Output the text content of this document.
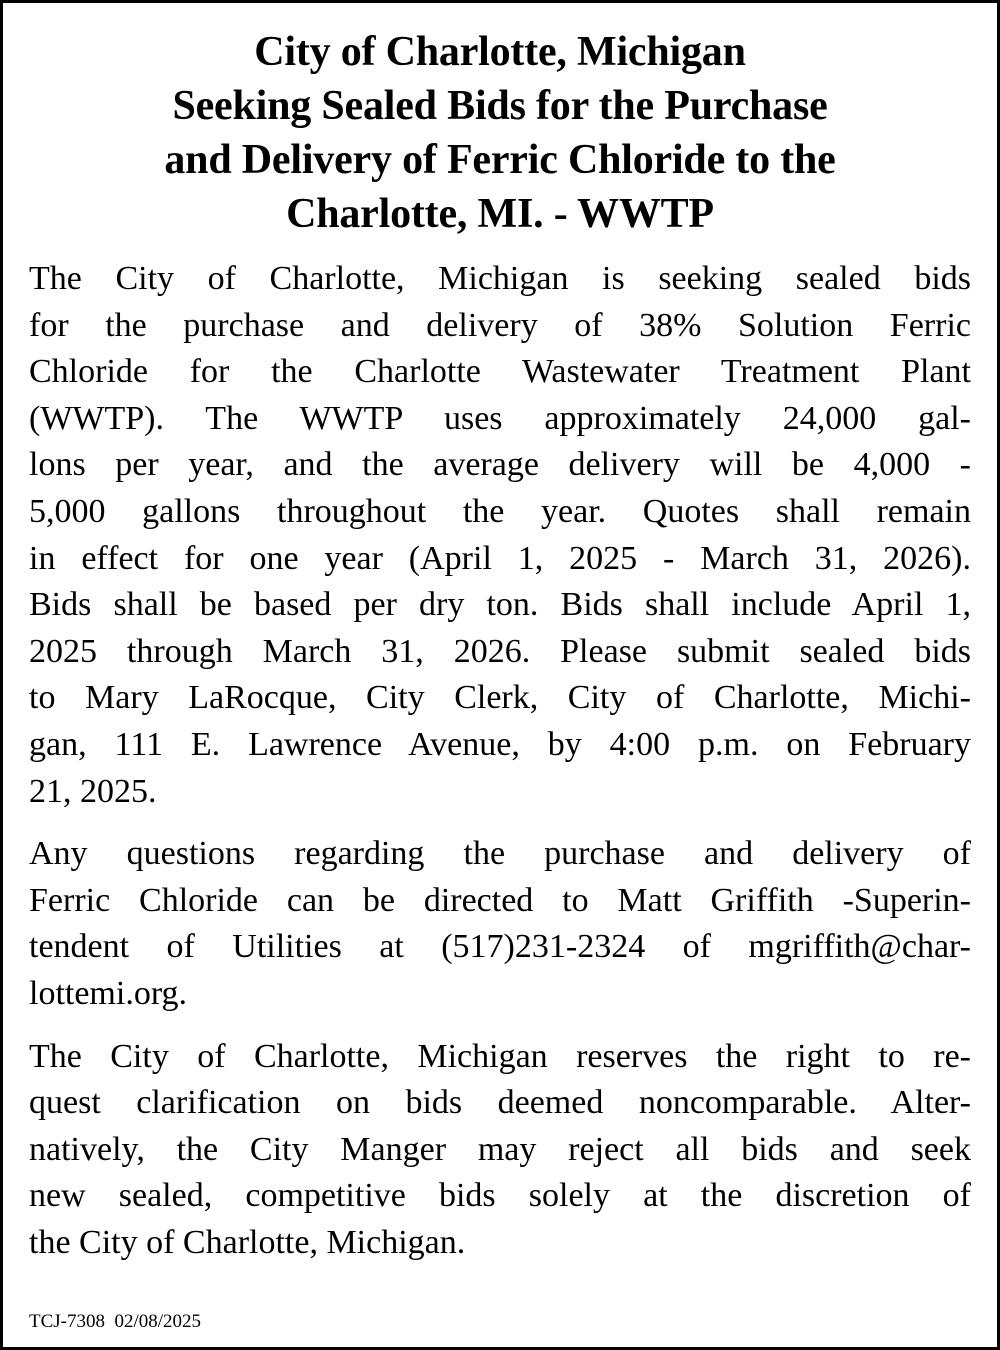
City of Charlotte, Michigan
Seeking Sealed Bids for the Purchase
and Delivery of Ferric Chloride to the
Charlotte, MI. - WWTP

The City of Charlotte, Michigan is seeking sealed bids
for the purchase and delivery of 38% Solution Ferric
Chloride for the Charlotte Wastewater Treatment Plant
(WWTP). The WWTP uses approximately 24,000 gal-
lons per year, and the average delivery will be 4,000 -
5,000 gallons throughout the year. Quotes shall remain
in effect for one year (April 1, 2025 - March 31, 2026).
Bids shall be based per dry ton. Bids shall include April 1,
2025 through March 31, 2026. Please submit sealed bids
to Mary LaRocque, City Clerk, City of Charlotte, Michi-
gan, 111 E. Lawrence Avenue, by 4:00 p.m. on February
21, 2025.

Any questions regarding the purchase and delivery of
Ferric Chloride can be directed to Matt Griffith -Superin-
tendent of Utilities at (517)231-2324 of mgriffith@char-
lottemi.org.

The City of Charlotte, Michigan reserves the right to re-
quest clarification on bids deemed noncomparable. Alter-
natively, the City Manger may reject all bids and seek
new sealed, competitive bids solely at the discretion of
the City of Charlotte, Michigan.

TCJ-7308  02/08/2025
